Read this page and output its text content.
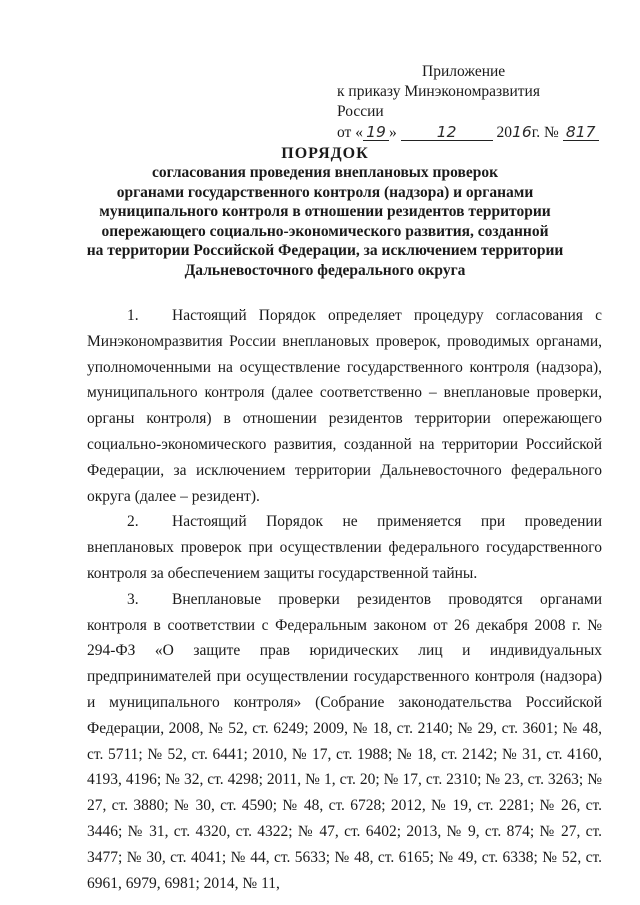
Приложение
к приказу Минэкономразвития России
от « 19 »	12	2016г. № 817
ПОРЯДОК
согласования проведения внеплановых проверок
органами государственного контроля (надзора) и органами
муниципального контроля в отношении резидентов территории
опережающего социально-экономического развития, созданной
на территории Российской Федерации, за исключением территории
Дальневосточного федерального округа

1. Настоящий Порядок определяет процедуру согласования с Минэкономразвития России внеплановых проверок, проводимых органами, уполномоченными на осуществление государственного контроля (надзора), муниципального контроля (далее соответственно – внеплановые проверки, органы контроля) в отношении резидентов территории опережающего социально-экономического развития, созданной на территории Российской Федерации, за исключением территории Дальневосточного федерального округа (далее – резидент).

2. Настоящий Порядок не применяется при проведении внеплановых проверок при осуществлении федерального государственного контроля за обеспечением защиты государственной тайны.

3. Внеплановые проверки резидентов проводятся органами контроля в соответствии с Федеральным законом от 26 декабря 2008 г. № 294-ФЗ «О защите прав юридических лиц и индивидуальных предпринимателей при осуществлении государственного контроля (надзора) и муниципального контроля» (Собрание законодательства Российской Федерации, 2008, № 52, ст. 6249; 2009, № 18, ст. 2140; № 29, ст. 3601; № 48, ст. 5711; № 52, ст. 6441; 2010, № 17, ст. 1988; № 18, ст. 2142; № 31, ст. 4160, 4193, 4196; № 32, ст. 4298; 2011, № 1, ст. 20; № 17, ст. 2310; № 23, ст. 3263; № 27, ст. 3880; № 30, ст. 4590; № 48, ст. 6728; 2012, № 19, ст. 2281; № 26, ст. 3446; № 31, ст. 4320, ст. 4322; № 47, ст. 6402; 2013, № 9, ст. 874; № 27, ст. 3477; № 30, ст. 4041; № 44, ст. 5633; № 48, ст. 6165; № 49, ст. 6338; № 52, ст. 6961, 6979, 6981; 2014, № 11,
